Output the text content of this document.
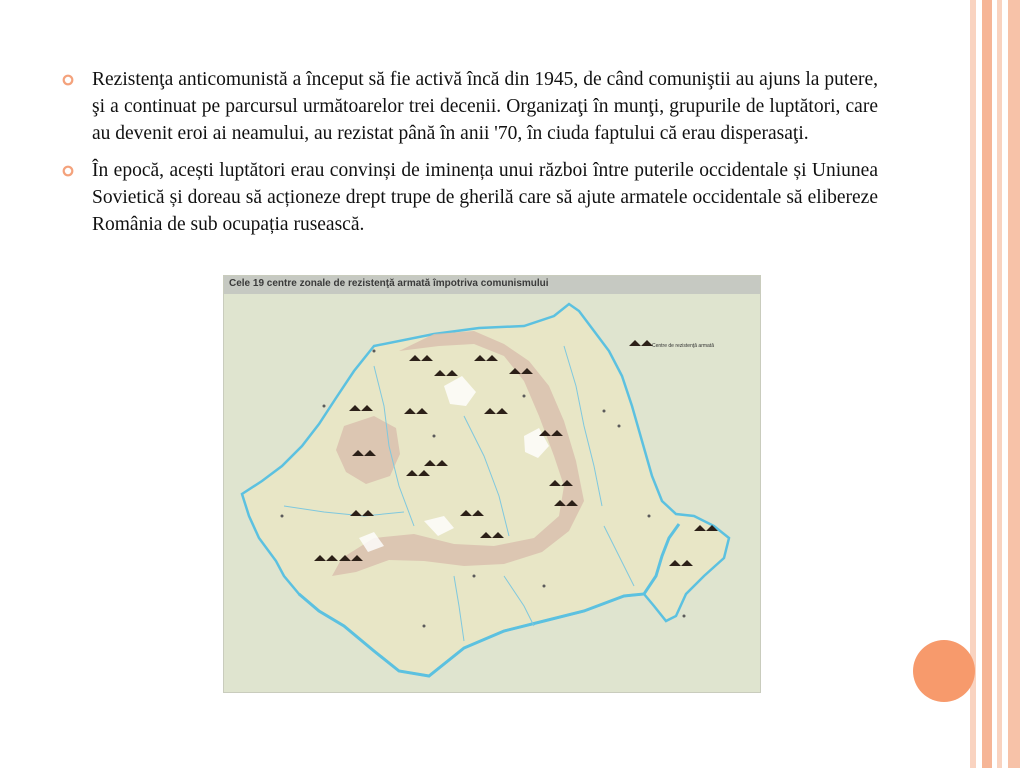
Rezistenţa anticomunistă a început să fie activă încă din 1945, de când comuniştii au ajuns la putere, şi a continuat pe parcursul următoarelor trei decenii. Organizaţi în munţi, grupurile de luptători, care au devenit eroi ai neamului, au rezistat până în anii '70, în ciuda faptului că erau disperasaţi.
În epocă, acești luptători erau convinși de iminența unui război între puterile occidentale și Uniunea Sovietică și doreau să acționeze drept trupe de gherilă care să ajute armatele occidentale să elibereze România de sub ocupația rusească.
Cele 19 centre zonale de rezistenţă armată împotriva comunismului
Centre de rezistenţă armată
